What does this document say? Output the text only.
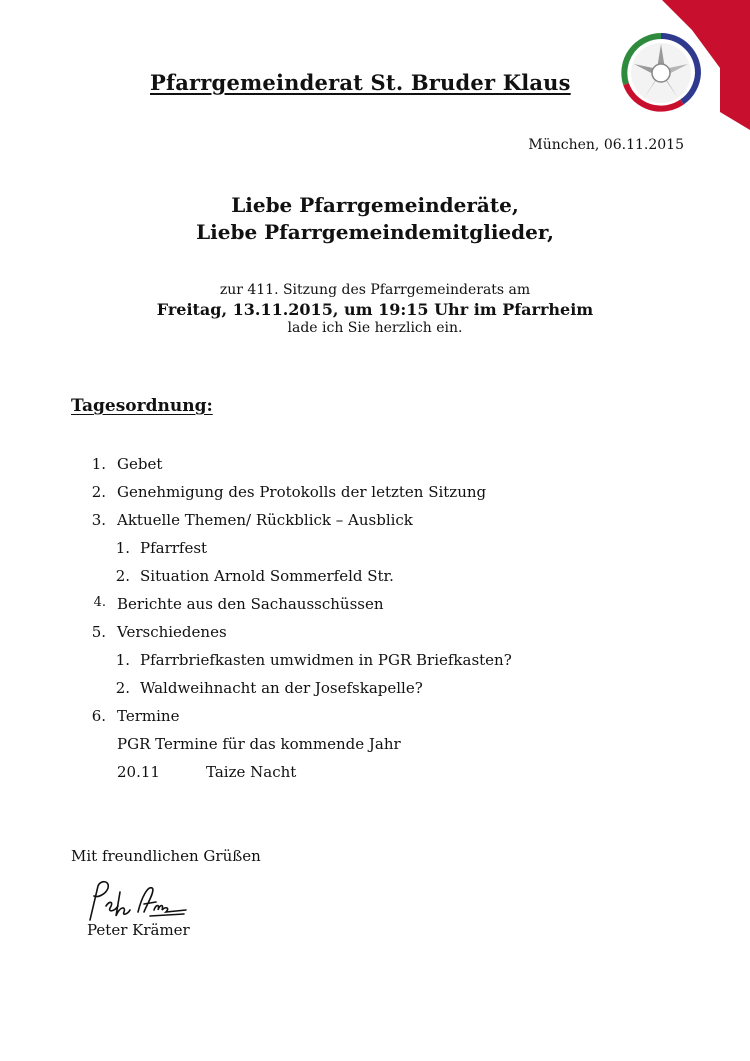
Pfarrgemeinderat St. Bruder Klaus
München, 06.11.2015
Liebe Pfarrgemeinderäte,
Liebe Pfarrgemeindemitglieder,
zur 411. Sitzung des Pfarrgemeinderats am
Freitag, 13.11.2015, um 19:15 Uhr im Pfarrheim
lade ich Sie herzlich ein.
Tagesordnung:
1. Gebet
2. Genehmigung des Protokolls der letzten Sitzung
3. Aktuelle Themen/ Rückblick – Ausblick
1. Pfarrfest
2. Situation Arnold Sommerfeld Str.
4. Berichte aus den Sachausschüssen
5. Verschiedenes
1. Pfarrbriefkasten umwidmen in PGR Briefkasten?
2. Waldweihnacht an der Josefskapelle?
6. Termine
PGR Termine für das kommende Jahr
20.11	Taize Nacht
Mit freundlichen Grüßen
Peter Krämer
